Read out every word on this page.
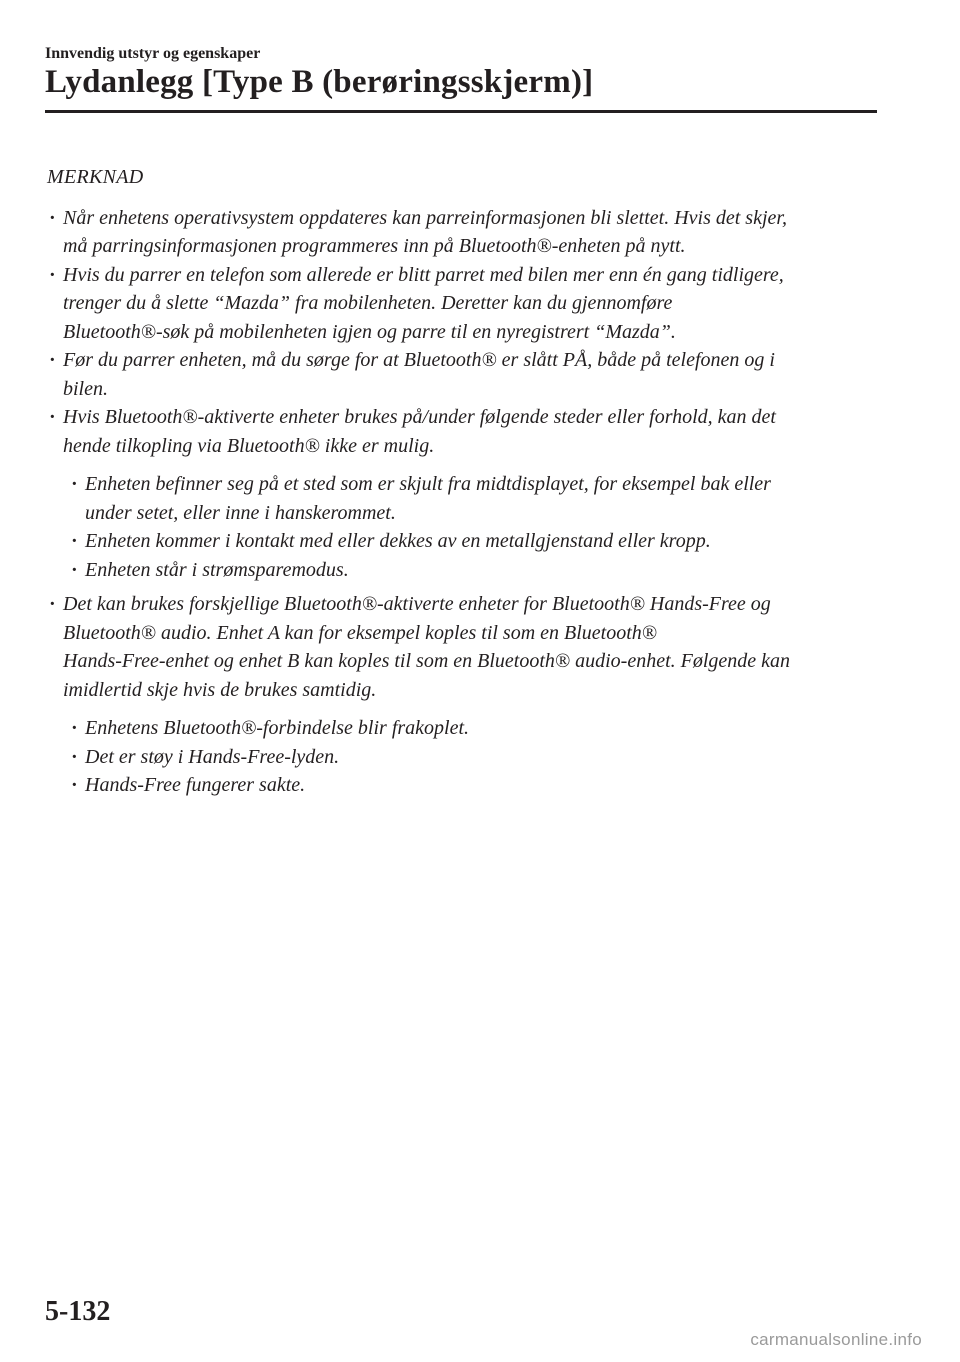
Innvendig utstyr og egenskaper
Lydanlegg [Type B (berøringsskjerm)]
MERKNAD
· Når enhetens operativsystem oppdateres kan parreinformasjonen bli slettet. Hvis det skjer,
må parringsinformasjonen programmeres inn på Bluetooth®-enheten på nytt.
· Hvis du parrer en telefon som allerede er blitt parret med bilen mer enn én gang tidligere,
trenger du å slette “Mazda” fra mobilenheten. Deretter kan du gjennomføre
Bluetooth®-søk på mobilenheten igjen og parre til en nyregistrert “Mazda”.
· Før du parrer enheten, må du sørge for at Bluetooth® er slått PÅ, både på telefonen og i
bilen.
· Hvis Bluetooth®-aktiverte enheter brukes på/under følgende steder eller forhold, kan det
hende tilkopling via Bluetooth® ikke er mulig.
· Enheten befinner seg på et sted som er skjult fra midtdisplayet, for eksempel bak eller
under setet, eller inne i hanskerommet.
· Enheten kommer i kontakt med eller dekkes av en metallgjenstand eller kropp.
· Enheten står i strømsparemodus.
· Det kan brukes forskjellige Bluetooth®-aktiverte enheter for Bluetooth® Hands-Free og
Bluetooth® audio. Enhet A kan for eksempel koples til som en Bluetooth®
Hands-Free-enhet og enhet B kan koples til som en Bluetooth® audio-enhet. Følgende kan
imidlertid skje hvis de brukes samtidig.
· Enhetens Bluetooth®-forbindelse blir frakoplet.
· Det er støy i Hands-Free-lyden.
· Hands-Free fungerer sakte.
5-132
carmanualsonline.info
